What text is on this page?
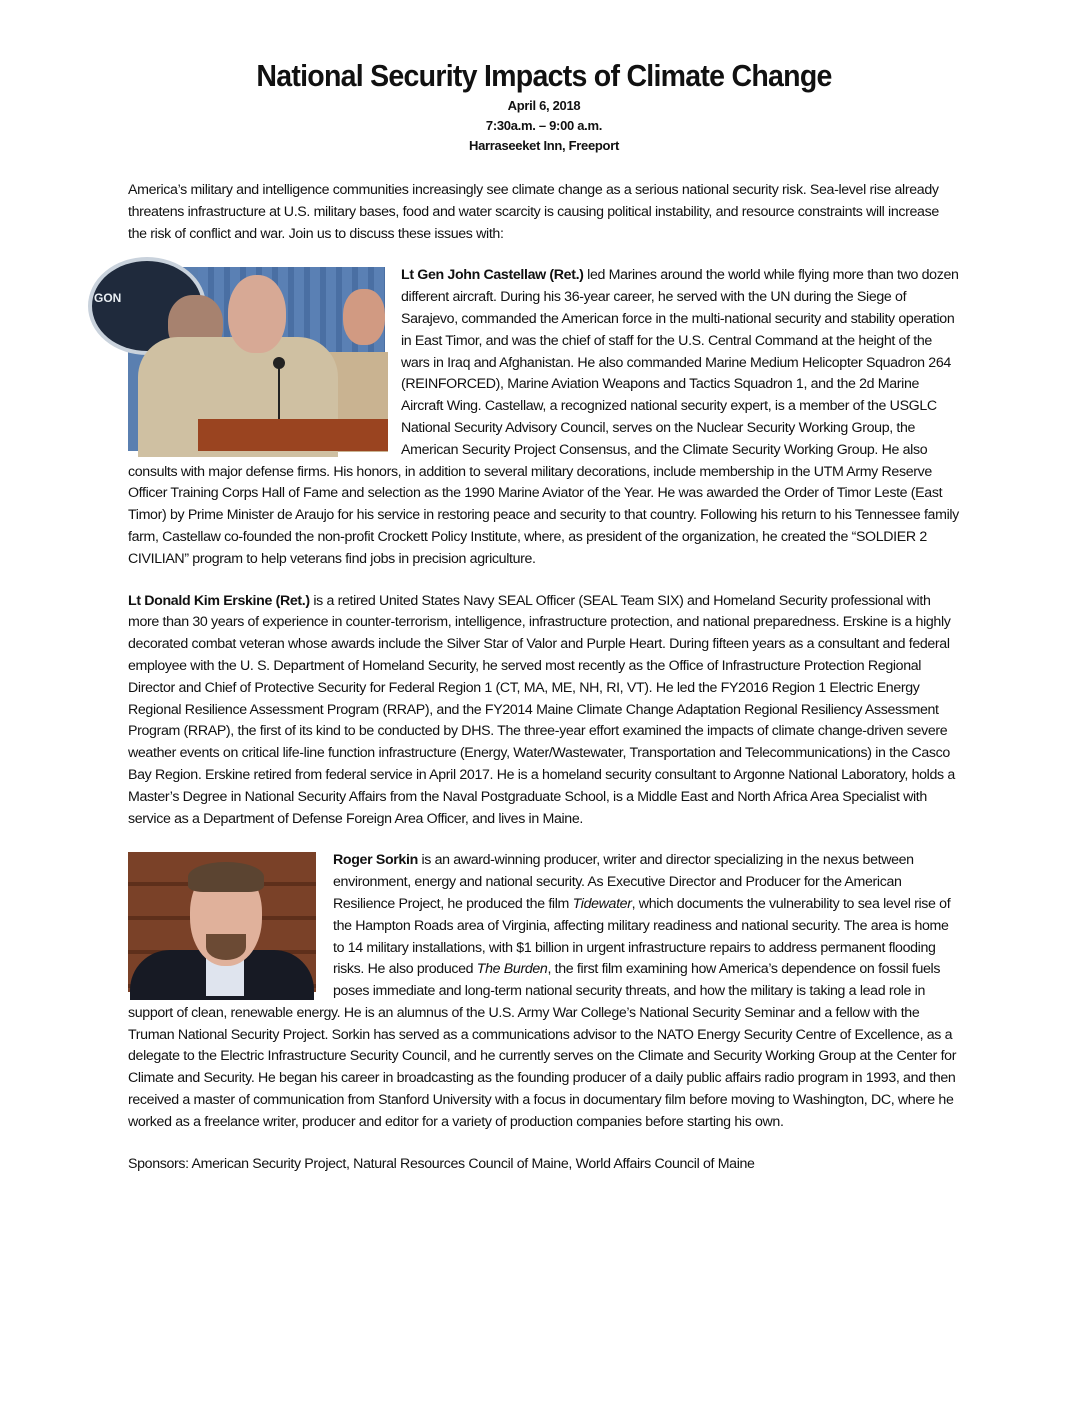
National Security Impacts of Climate Change
April 6, 2018
7:30a.m. – 9:00 a.m.
Harraseeket Inn, Freeport

America’s military and intelligence communities increasingly see climate change as a serious national security risk. Sea-level rise already threatens infrastructure at U.S. military bases, food and water scarcity is causing political instability, and resource constraints will increase the risk of conflict and war. Join us to discuss these issues with:

GON

Lt Gen John Castellaw (Ret.) led Marines around the world while flying more than two dozen different aircraft. During his 36-year career, he served with the UN during the Siege of Sarajevo, commanded the American force in the multi-national security and stability operation in East Timor, and was the chief of staff for the U.S. Central Command at the height of the wars in Iraq and Afghanistan. He also commanded Marine Medium Helicopter Squadron 264 (REINFORCED), Marine Aviation Weapons and Tactics Squadron 1, and the 2d Marine Aircraft Wing. Castellaw, a recognized national security expert, is a member of the USGLC National Security Advisory Council, serves on the Nuclear Security Working Group, the American Security Project Consensus, and the Climate Security Working Group. He also consults with major defense firms. His honors, in addition to several military decorations, include membership in the UTM Army Reserve Officer Training Corps Hall of Fame and selection as the 1990 Marine Aviator of the Year. He was awarded the Order of Timor Leste (East Timor) by Prime Minister de Araujo for his service in restoring peace and security to that country. Following his return to his Tennessee family farm, Castellaw co-founded the non-profit Crockett Policy Institute, where, as president of the organization, he created the “SOLDIER 2 CIVILIAN” program to help veterans find jobs in precision agriculture.

Lt Donald Kim Erskine (Ret.) is a retired United States Navy SEAL Officer (SEAL Team SIX) and Homeland Security professional with more than 30 years of experience in counter-terrorism, intelligence, infrastructure protection, and national preparedness. Erskine is a highly decorated combat veteran whose awards include the Silver Star of Valor and Purple Heart. During fifteen years as a consultant and federal employee with the U. S. Department of Homeland Security, he served most recently as the Office of Infrastructure Protection Regional Director and Chief of Protective Security for Federal Region 1 (CT, MA, ME, NH, RI, VT). He led the FY2016 Region 1 Electric Energy Regional Resilience Assessment Program (RRAP), and the FY2014 Maine Climate Change Adaptation Regional Resiliency Assessment Program (RRAP), the first of its kind to be conducted by DHS. The three-year effort examined the impacts of climate change-driven severe weather events on critical life-line function infrastructure (Energy, Water/Wastewater, Transportation and Telecommunications) in the Casco Bay Region. Erskine retired from federal service in April 2017. He is a homeland security consultant to Argonne National Laboratory, holds a Master’s Degree in National Security Affairs from the Naval Postgraduate School, is a Middle East and North Africa Area Specialist with service as a Department of Defense Foreign Area Officer, and lives in Maine.

Roger Sorkin is an award-winning producer, writer and director specializing in the nexus between environment, energy and national security. As Executive Director and Producer for the American Resilience Project, he produced the film Tidewater, which documents the vulnerability to sea level rise of the Hampton Roads area of Virginia, affecting military readiness and national security. The area is home to 14 military installations, with $1 billion in urgent infrastructure repairs to address permanent flooding risks. He also produced The Burden, the first film examining how America’s dependence on fossil fuels poses immediate and long-term national security threats, and how the military is taking a lead role in support of clean, renewable energy. He is an alumnus of the U.S. Army War College’s National Security Seminar and a fellow with the Truman National Security Project. Sorkin has served as a communications advisor to the NATO Energy Security Centre of Excellence, as a delegate to the Electric Infrastructure Security Council, and he currently serves on the Climate and Security Working Group at the Center for Climate and Security. He began his career in broadcasting as the founding producer of a daily public affairs radio program in 1993, and then received a master of communication from Stanford University with a focus in documentary film before moving to Washington, DC, where he worked as a freelance writer, producer and editor for a variety of production companies before starting his own.

Sponsors: American Security Project, Natural Resources Council of Maine, World Affairs Council of Maine
